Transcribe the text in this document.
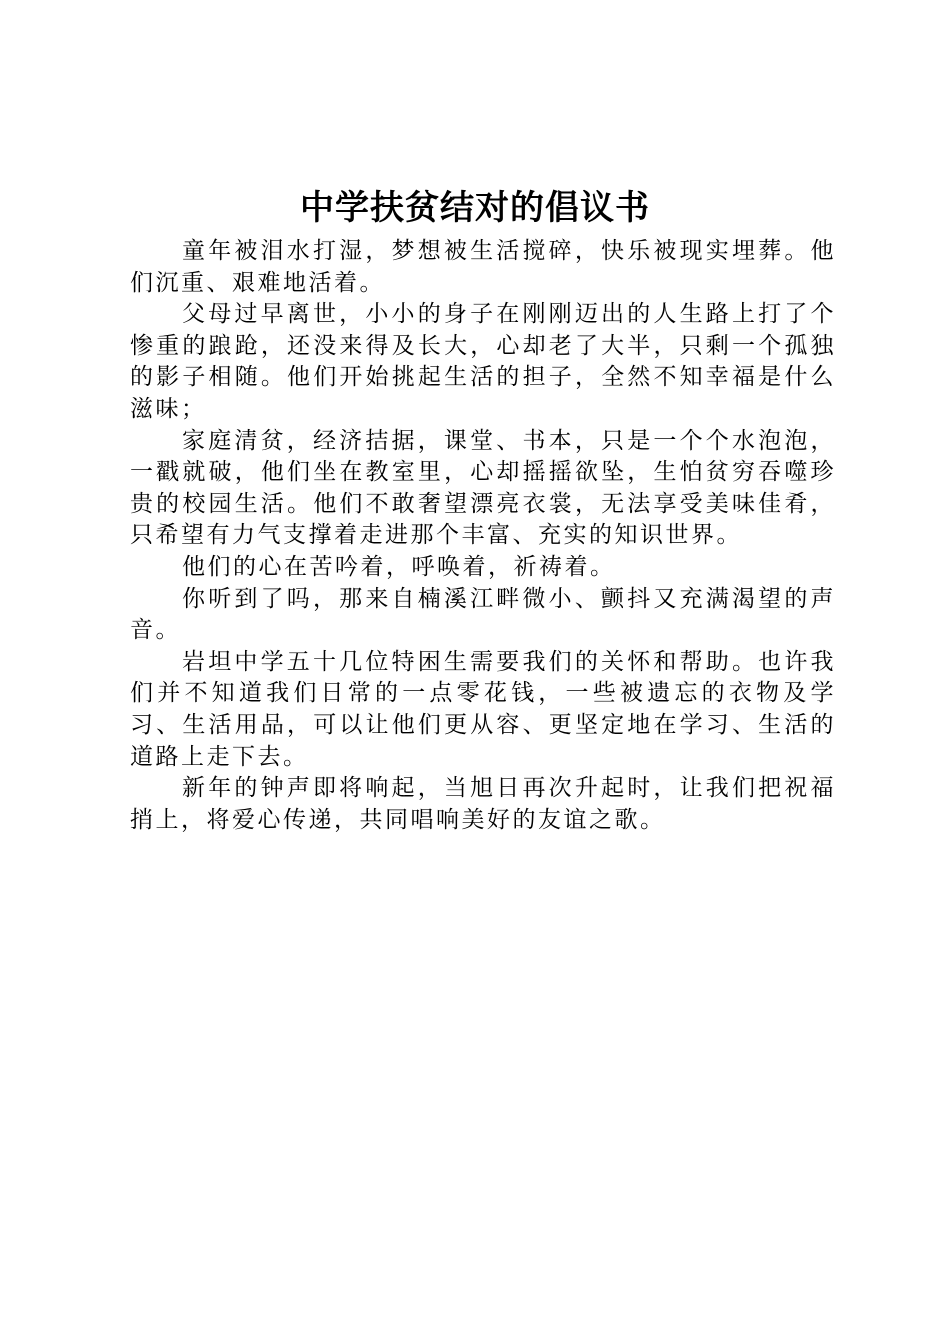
中学扶贫结对的倡议书

童年被泪水打湿，梦想被生活搅碎，快乐被现实埋葬。他们沉重、艰难地活着。

父母过早离世，小小的身子在刚刚迈出的人生路上打了个惨重的踉跄，还没来得及长大，心却老了大半，只剩一个孤独的影子相随。他们开始挑起生活的担子，全然不知幸福是什么滋味；

家庭清贫，经济拮据，课堂、书本，只是一个个水泡泡，一戳就破，他们坐在教室里，心却摇摇欲坠，生怕贫穷吞噬珍贵的校园生活。他们不敢奢望漂亮衣裳，无法享受美味佳肴，只希望有力气支撑着走进那个丰富、充实的知识世界。

他们的心在苦吟着，呼唤着，祈祷着。

你听到了吗，那来自楠溪江畔微小、颤抖又充满渴望的声音。

岩坦中学五十几位特困生需要我们的关怀和帮助。也许我们并不知道我们日常的一点零花钱，一些被遗忘的衣物及学习、生活用品，可以让他们更从容、更坚定地在学习、生活的道路上走下去。

新年的钟声即将响起，当旭日再次升起时，让我们把祝福捎上，将爱心传递，共同唱响美好的友谊之歌。
